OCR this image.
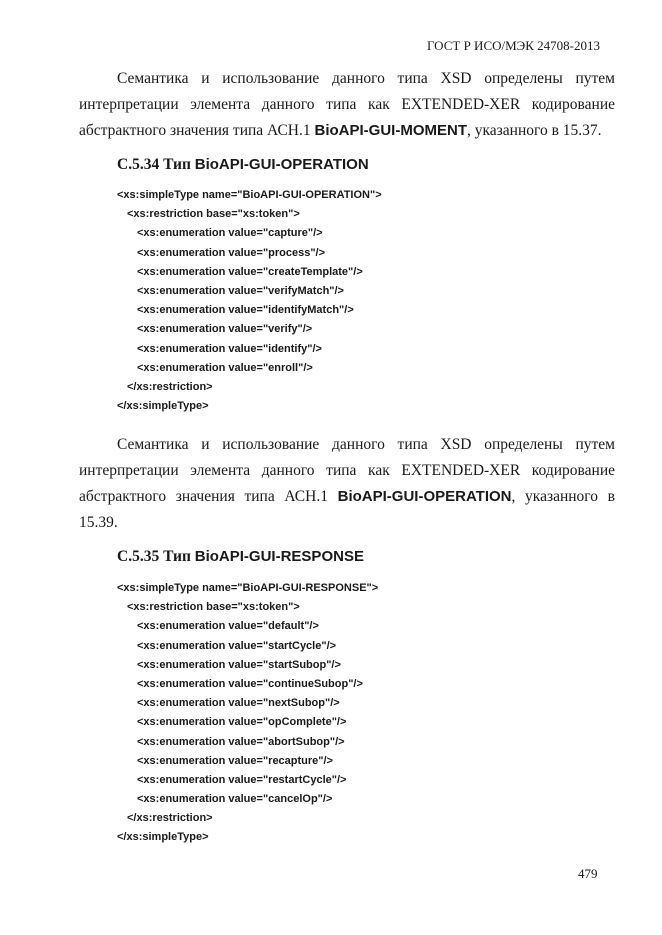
ГОСТ Р ИСО/МЭК 24708-2013
Семантика и использование данного типа XSD определены путем
интерпретации элемента данного типа как EXTENDED-XER кодирование
абстрактного значения типа АСН.1 BioAPI-GUI-MOMENT, указанного в 15.37.
С.5.34 Тип BioAPI-GUI-OPERATION
<xs:simpleType name="BioAPI-GUI-OPERATION">
<xs:restriction base="xs:token">
<xs:enumeration value="capture"/>
<xs:enumeration value="process"/>
<xs:enumeration value="createTemplate"/>
<xs:enumeration value="verifyMatch"/>
<xs:enumeration value="identifyMatch"/>
<xs:enumeration value="verify"/>
<xs:enumeration value="identify"/>
<xs:enumeration value="enroll"/>
</xs:restriction>
</xs:simpleType>
Семантика и использование данного типа XSD определены путем
интерпретации элемента данного типа как EXTENDED-XER кодирование
абстрактного значения типа АСН.1 BioAPI-GUI-OPERATION, указанного в
15.39.
С.5.35 Тип BioAPI-GUI-RESPONSE
<xs:simpleType name="BioAPI-GUI-RESPONSE">
<xs:restriction base="xs:token">
<xs:enumeration value="default"/>
<xs:enumeration value="startCycle"/>
<xs:enumeration value="startSubop"/>
<xs:enumeration value="continueSubop"/>
<xs:enumeration value="nextSubop"/>
<xs:enumeration value="opComplete"/>
<xs:enumeration value="abortSubop"/>
<xs:enumeration value="recapture"/>
<xs:enumeration value="restartCycle"/>
<xs:enumeration value="cancelOp"/>
</xs:restriction>
</xs:simpleType>
479
